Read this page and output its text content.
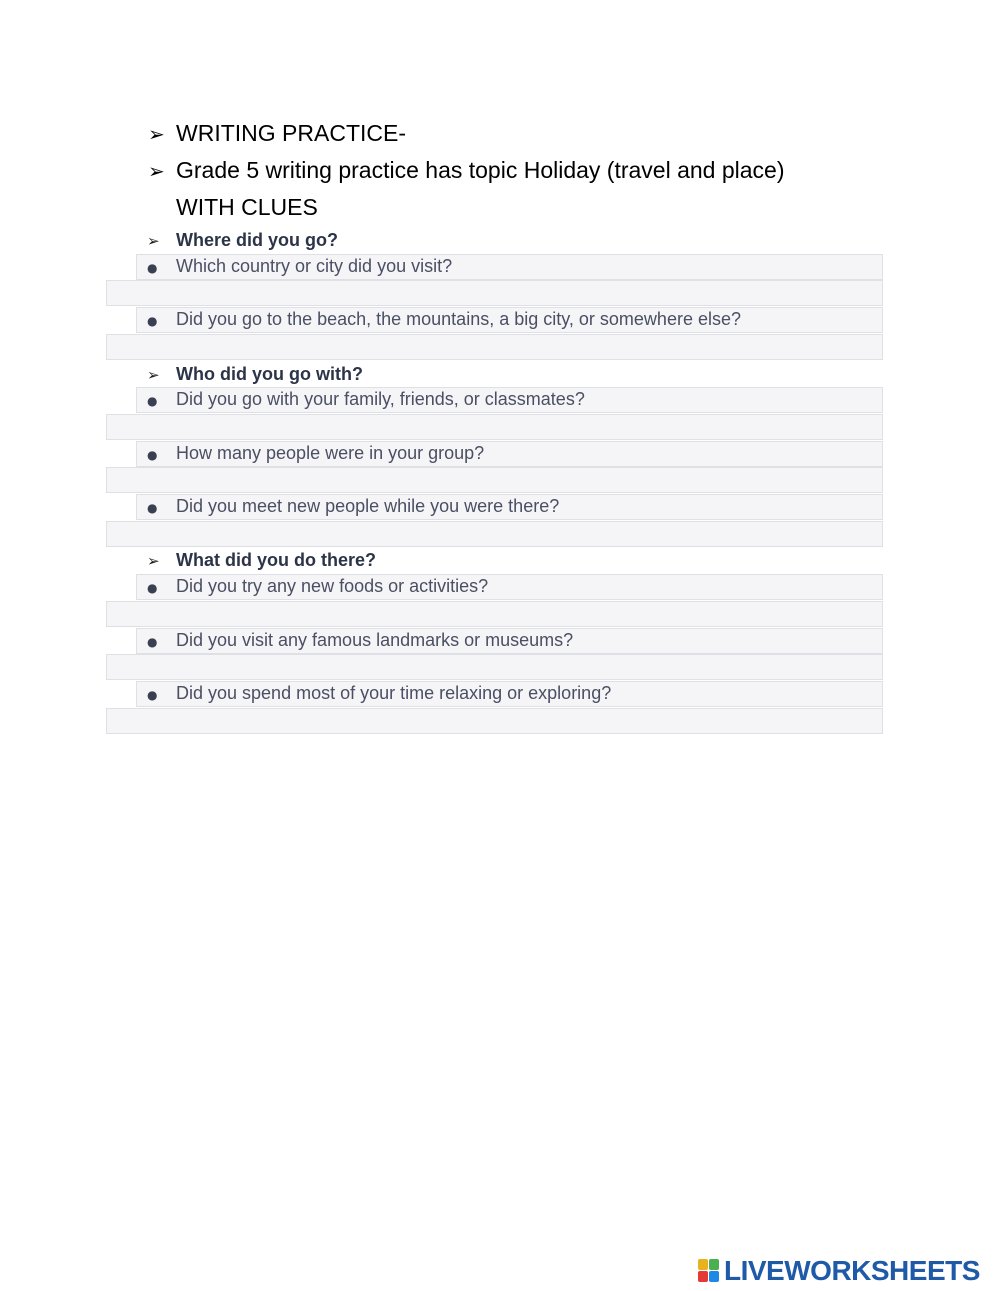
➢ WRITING PRACTICE-
➢ Grade 5 writing practice has topic Holiday (travel and place)
WITH CLUES
➢ Where did you go?
● Which country or city did you visit?
● Did you go to the beach, the mountains, a big city, or somewhere else?
➢ Who did you go with?
● Did you go with your family, friends, or classmates?
● How many people were in your group?
● Did you meet new people while you were there?
➢ What did you do there?
● Did you try any new foods or activities?
● Did you visit any famous landmarks or museums?
● Did you spend most of your time relaxing or exploring?
LIVEWORKSHEETS
